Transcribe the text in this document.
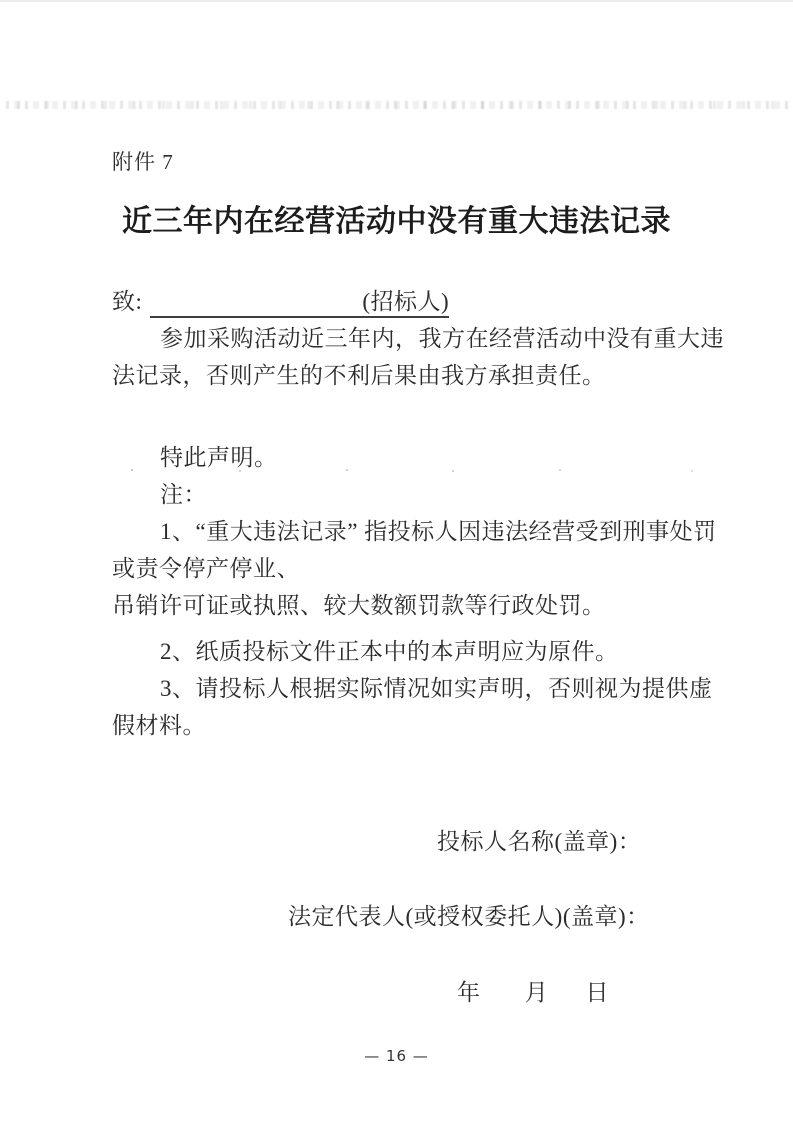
附件 7
近三年内在经营活动中没有重大违法记录

致:	(招标人)

参加采购活动近三年内，我方在经营活动中没有重大违

法记录，否则产生的不利后果由我方承担责任。

特此声明。

注：

1、“重大违法记录” 指投标人因违法经营受到刑事处罚

或责令停产停业、

吊销许可证或执照、较大数额罚款等行政处罚。

2、纸质投标文件正本中的本声明应为原件。

3、请投标人根据实际情况如实声明，否则视为提供虚

假材料。

投标人名称(盖章)：

法定代表人(或授权委托人)(盖章)：

年 月 日

— 16 —
